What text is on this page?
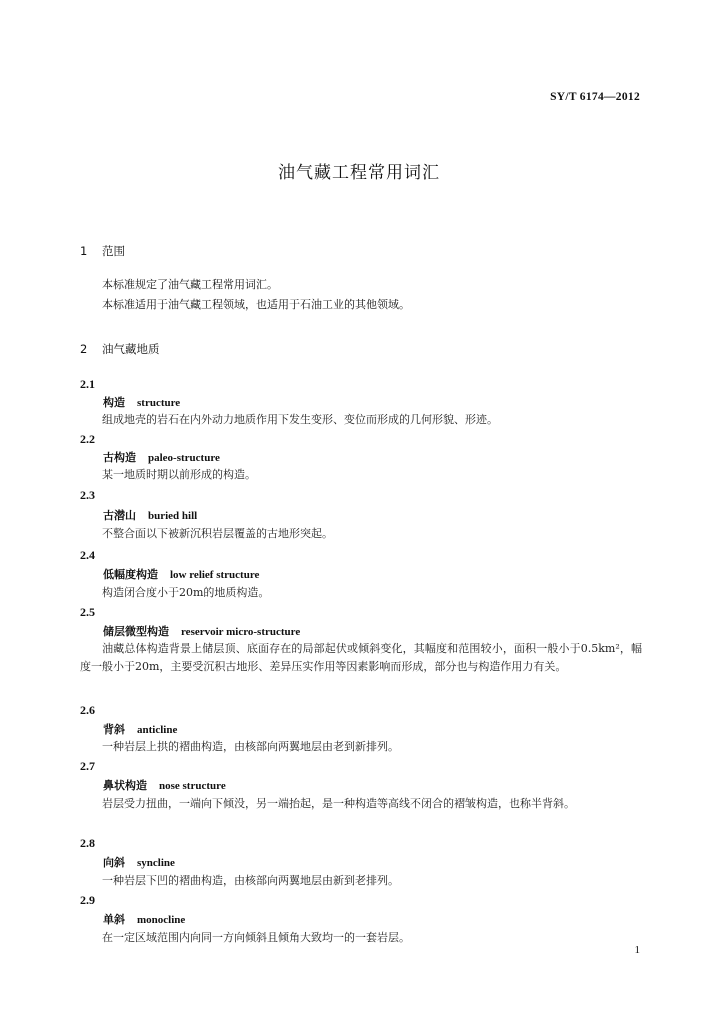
SY/T 6174—2012
油气藏工程常用词汇
1 范围
本标准规定了油气藏工程常用词汇。
本标准适用于油气藏工程领域，也适用于石油工业的其他领域。
2 油气藏地质
2.1
构造 structure
组成地壳的岩石在内外动力地质作用下发生变形、变位而形成的几何形貌、形迹。
2.2
古构造 paleo-structure
某一地质时期以前形成的构造。
2.3
古潜山 buried hill
不整合面以下被新沉积岩层覆盖的古地形突起。
2.4
低幅度构造 low relief structure
构造闭合度小于20m的地质构造。
2.5
储层微型构造 reservoir micro-structure
油藏总体构造背景上储层顶、底面存在的局部起伏或倾斜变化，其幅度和范围较小，面积一般小于0.5km²，幅度一般小于20m，主要受沉积古地形、差异压实作用等因素影响而形成，部分也与构造作用力有关。
2.6
背斜 anticline
一种岩层上拱的褶曲构造，由核部向两翼地层由老到新排列。
2.7
鼻状构造 nose structure
岩层受力扭曲，一端向下倾没，另一端抬起，是一种构造等高线不闭合的褶皱构造，也称半背斜。
2.8
向斜 syncline
一种岩层下凹的褶曲构造，由核部向两翼地层由新到老排列。
2.9
单斜 monocline
在一定区域范围内向同一方向倾斜且倾角大致均一的一套岩层。
1
